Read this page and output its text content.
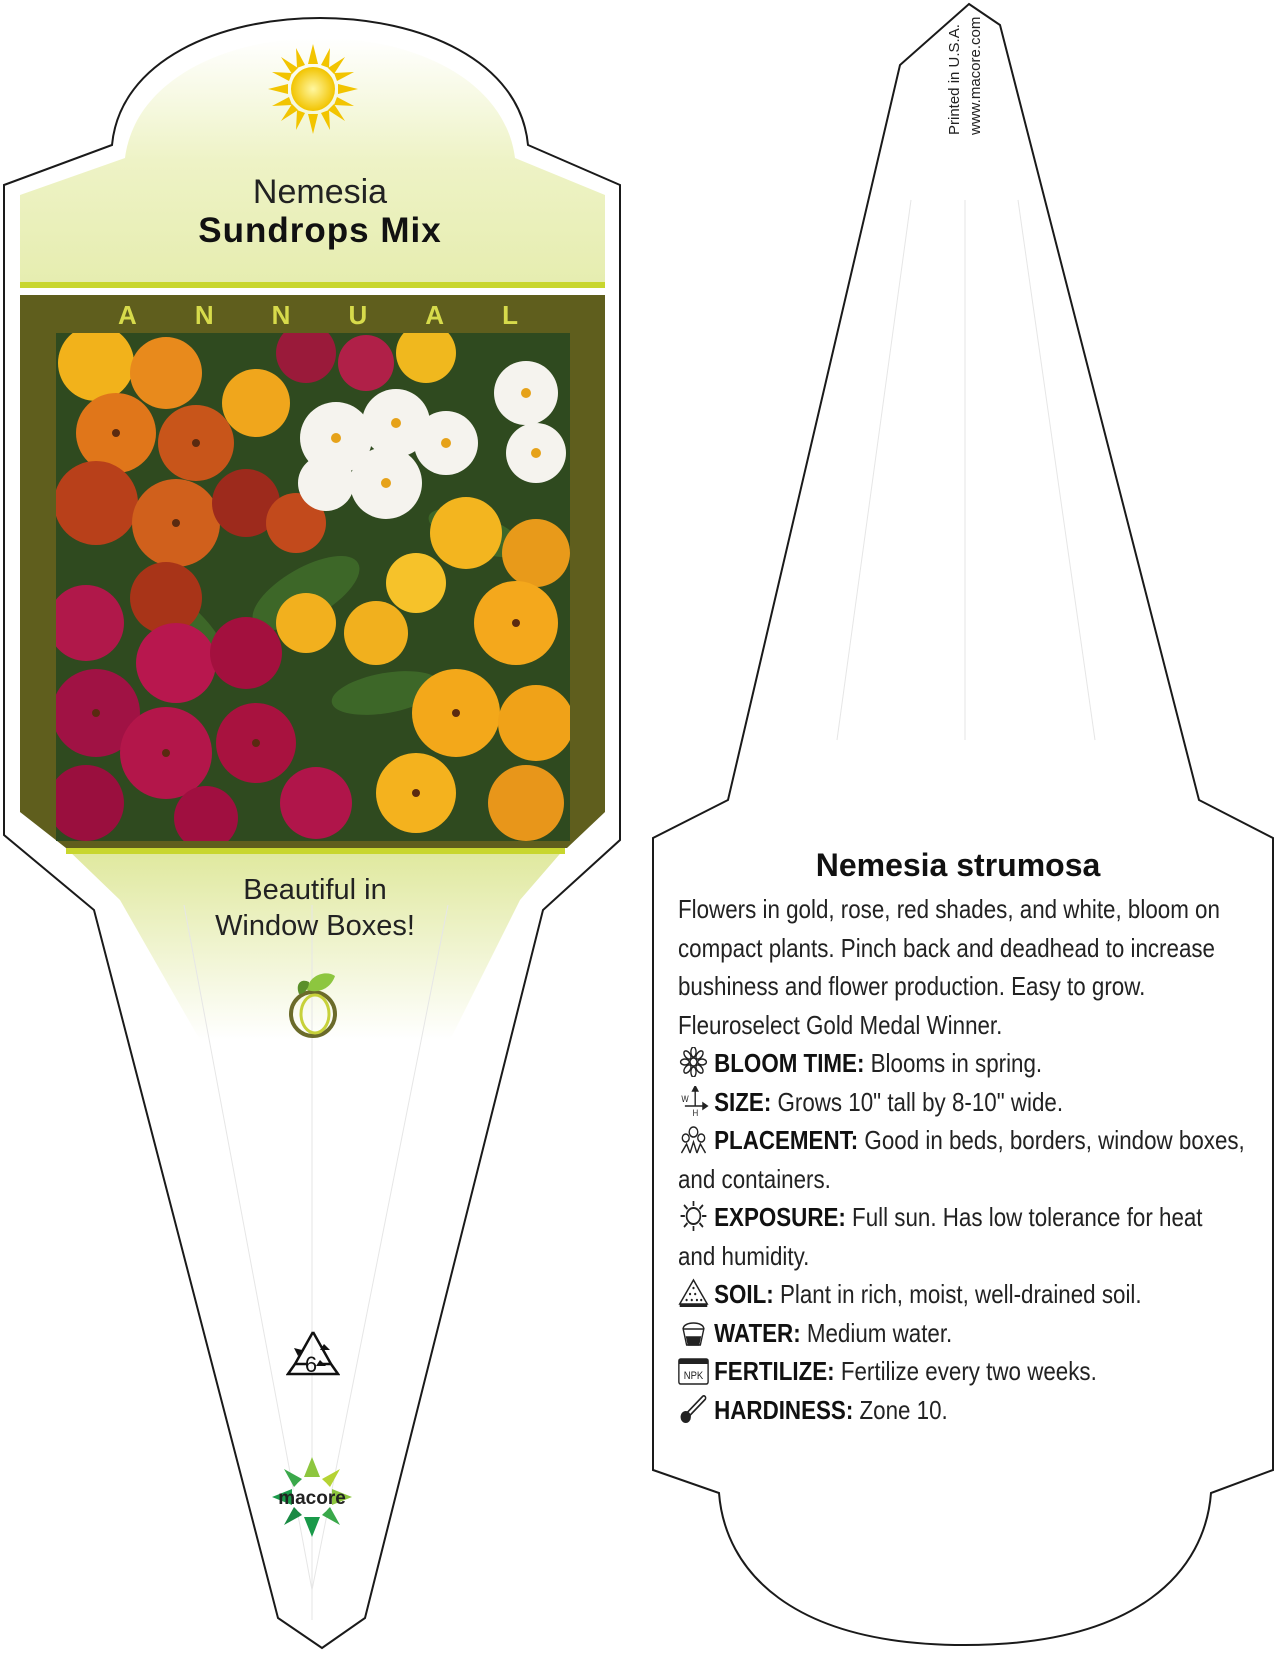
Nemesia
Sundrops Mix
A N N U A L
Beautiful in
Window Boxes!
6
macore
Printed in U.S.A. www.macore.com
Nemesia strumosa
Flowers in gold, rose, red shades, and white, bloom on compact plants. Pinch back and deadhead to increase bushiness and flower production. Easy to grow. Fleuroselect Gold Medal Winner.
BLOOM TIME: Blooms in spring.
W
H SIZE: Grows 10" tall by 8-10" wide.
PLACEMENT: Good in beds, borders, window boxes, and containers.
EXPOSURE: Full sun. Has low tolerance for heat and humidity.
SOIL: Plant in rich, moist, well-drained soil.
WATER: Medium water.
NPK FERTILIZE: Fertilize every two weeks.
HARDINESS: Zone 10.
